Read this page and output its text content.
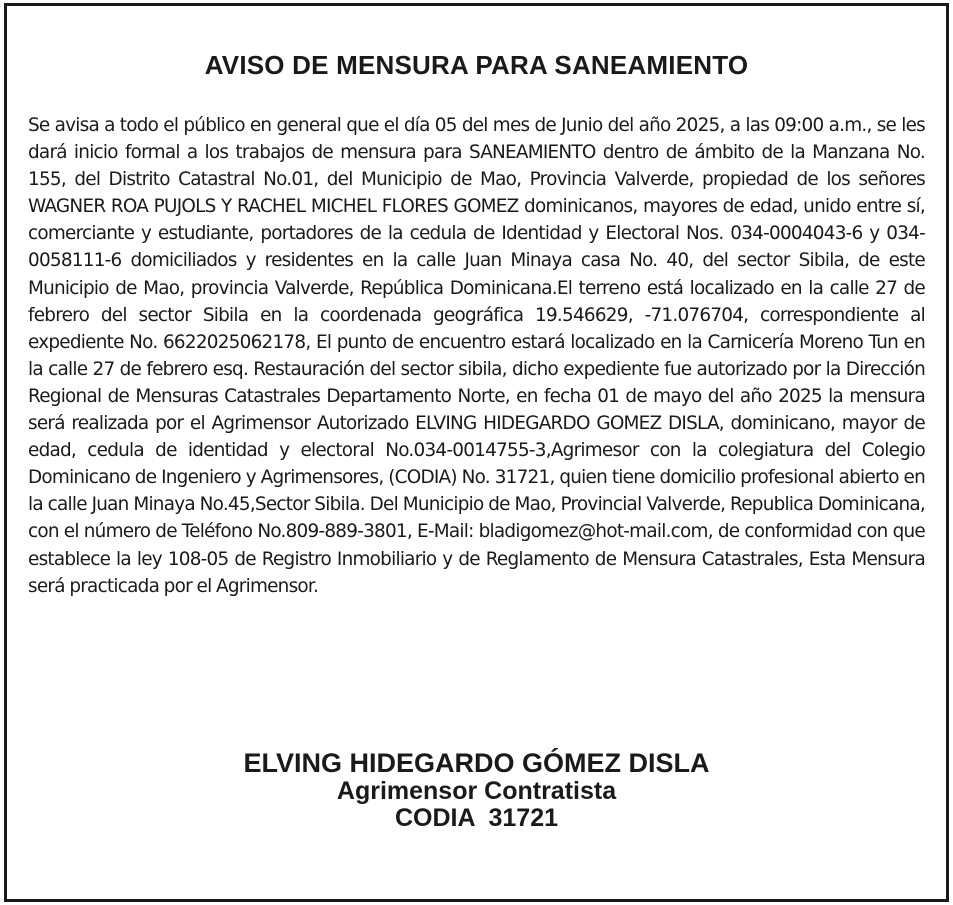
AVISO DE MENSURA PARA SANEAMIENTO

Se avisa a todo el público en general que el día 05 del mes de Junio del año 2025, a las 09:00 a.m., se les dará inicio formal a los trabajos de mensura para SANEAMIENTO dentro de ámbito de la Manzana No. 155, del Distrito Catastral No.01, del Municipio de Mao, Provincia Valverde, propiedad de los señores WAGNER ROA PUJOLS Y RACHEL MICHEL FLORES GOMEZ dominicanos, mayores de edad, unido entre sí, comerciante y estudiante, portadores de la cedula de Identidad y Electoral Nos. 034-0004043-6 y 034-0058111-6 domiciliados y residentes en la calle Juan Minaya casa No. 40, del sector Sibila, de este Municipio de Mao, provincia Valverde, República Dominicana.El terreno está localizado en la calle 27 de febrero del sector Sibila en la coordenada geográfica 19.546629, -71.076704, correspondiente al expediente No. 6622025062178, El punto de encuentro estará localizado en la Carnicería Moreno Tun en la calle 27 de febrero esq. Restauración del sector sibila, dicho expediente fue autorizado por la Dirección Regional de Mensuras Catastrales Departamento Norte, en fecha 01 de mayo del año 2025 la mensura será realizada por el Agrimensor Autorizado ELVING HIDEGARDO GOMEZ DISLA, dominicano, mayor de edad, cedula de identidad y electoral No.034-0014755-3,Agrimesor con la colegiatura del Colegio Dominicano de Ingeniero y Agrimensores, (CODIA) No. 31721, quien tiene domicilio profesional abierto en la calle Juan Minaya No.45,Sector Sibila. Del Municipio de Mao, Provincial Valverde, Republica Dominicana, con el número de Teléfono No.809-889-3801, E-Mail: bladigomez@hot-mail.com, de conformidad con que establece la ley 108-05 de Registro Inmobiliario y de Reglamento de Mensura Catastrales, Esta Mensura será practicada por el Agrimensor.

ELVING HIDEGARDO GÓMEZ DISLA
Agrimensor Contratista
CODIA  31721
